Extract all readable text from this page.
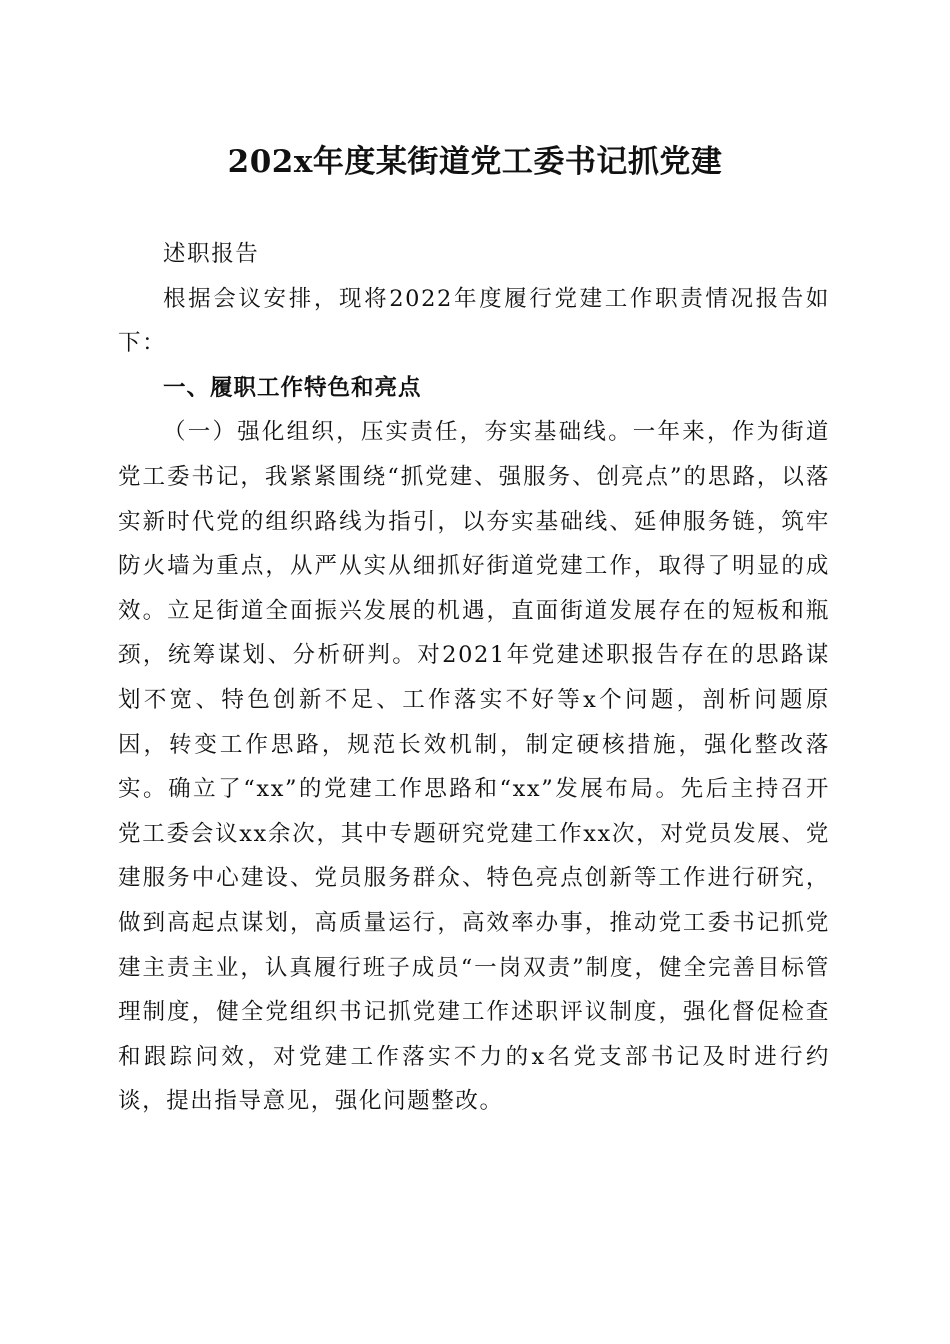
202x年度某街道党工委书记抓党建

述职报告

根据会议安排，现将2022年度履行党建工作职责情况报告如下：

一、履职工作特色和亮点

（一）强化组织，压实责任，夯实基础线。一年来，作为街道党工委书记，我紧紧围绕“抓党建、强服务、创亮点”的思路，以落实新时代党的组织路线为指引，以夯实基础线、延伸服务链，筑牢防火墙为重点，从严从实从细抓好街道党建工作，取得了明显的成效。立足街道全面振兴发展的机遇，直面街道发展存在的短板和瓶颈，统筹谋划、分析研判。对2021年党建述职报告存在的思路谋划不宽、特色创新不足、工作落实不好等x个问题，剖析问题原因，转变工作思路，规范长效机制，制定硬核措施，强化整改落实。确立了“xx”的党建工作思路和“xx”发展布局。先后主持召开党工委会议xx余次，其中专题研究党建工作xx次，对党员发展、党建服务中心建设、党员服务群众、特色亮点创新等工作进行研究，做到高起点谋划，高质量运行，高效率办事，推动党工委书记抓党建主责主业，认真履行班子成员“一岗双责”制度，健全完善目标管理制度，健全党组织书记抓党建工作述职评议制度，强化督促检查和跟踪问效，对党建工作落实不力的x名党支部书记及时进行约谈，提出指导意见，强化问题整改。
